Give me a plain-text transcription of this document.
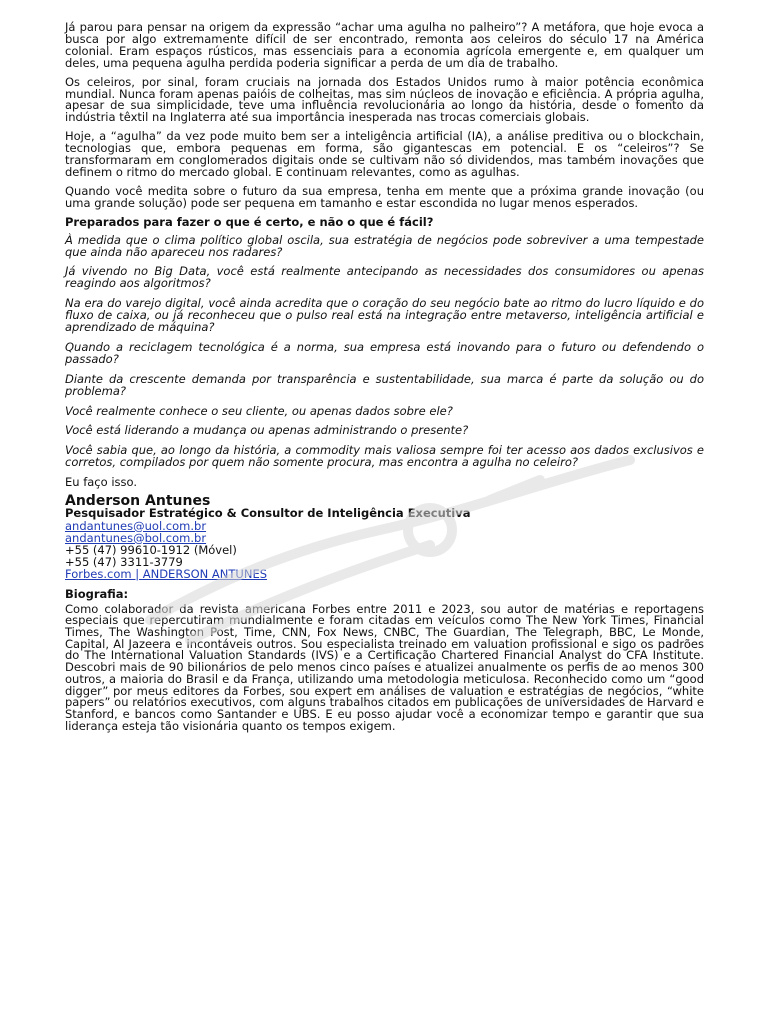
Já parou para pensar na origem da expressão “achar uma agulha no palheiro”? A metáfora, que hoje evoca a busca por algo extremamente difícil de ser encontrado, remonta aos celeiros do século 17 na América colonial. Eram espaços rústicos, mas essenciais para a economia agrícola emergente e, em qualquer um deles, uma pequena agulha perdida poderia significar a perda de um dia de trabalho.

Os celeiros, por sinal, foram cruciais na jornada dos Estados Unidos rumo à maior potência econômica mundial. Nunca foram apenas paióis de colheitas, mas sim núcleos de inovação e eficiência. A própria agulha, apesar de sua simplicidade, teve uma influência revolucionária ao longo da história, desde o fomento da indústria têxtil na Inglaterra até sua importância inesperada nas trocas comerciais globais.

Hoje, a “agulha” da vez pode muito bem ser a inteligência artificial (IA), a análise preditiva ou o blockchain, tecnologias que, embora pequenas em forma, são gigantescas em potencial. E os “celeiros”? Se transformaram em conglomerados digitais onde se cultivam não só dividendos, mas também inovações que definem o ritmo do mercado global. E continuam relevantes, como as agulhas.

Quando você medita sobre o futuro da sua empresa, tenha em mente que a próxima grande inovação (ou uma grande solução) pode ser pequena em tamanho e estar escondida no lugar menos esperados.

Preparados para fazer o que é certo, e não o que é fácil?

À medida que o clima político global oscila, sua estratégia de negócios pode sobreviver a uma tempestade que ainda não apareceu nos radares?

Já vivendo no Big Data, você está realmente antecipando as necessidades dos consumidores ou apenas reagindo aos algoritmos?

Na era do varejo digital, você ainda acredita que o coração do seu negócio bate ao ritmo do lucro líquido e do fluxo de caixa, ou já reconheceu que o pulso real está na integração entre metaverso, inteligência artificial e aprendizado de máquina?

Quando a reciclagem tecnológica é a norma, sua empresa está inovando para o futuro ou defendendo o passado?

Diante da crescente demanda por transparência e sustentabilidade, sua marca é parte da solução ou do problema?

Você realmente conhece o seu cliente, ou apenas dados sobre ele?

Você está liderando a mudança ou apenas administrando o presente?

Você sabia que, ao longo da história, a commodity mais valiosa sempre foi ter acesso aos dados exclusivos e corretos, compilados por quem não somente procura, mas encontra a agulha no celeiro?

Eu faço isso.

Anderson Antunes

Pesquisador Estratégico & Consultor de Inteligência Executiva

andantunes@uol.com.br

andantunes@bol.com.br

+55 (47) 99610-1912 (Móvel)

+55 (47) 3311-3779

Forbes.com | ANDERSON ANTUNES

Biografia:

Como colaborador da revista americana Forbes entre 2011 e 2023, sou autor de matérias e reportagens especiais que repercutiram mundialmente e foram citadas em veículos como The New York Times, Financial Times, The Washington Post, Time, CNN, Fox News, CNBC, The Guardian, The Telegraph, BBC, Le Monde, Capital, Al Jazeera e incontáveis outros. Sou especialista treinado em valuation profissional e sigo os padrões do The International Valuation Standards (IVS) e a Certificação Chartered Financial Analyst do CFA Institute. Descobri mais de 90 bilionários de pelo menos cinco países e atualizei anualmente os perfis de ao menos 300 outros, a maioria do Brasil e da França, utilizando uma metodologia meticulosa. Reconhecido como um “good digger” por meus editores da Forbes, sou expert em análises de valuation e estratégias de negócios, “white papers” ou relatórios executivos, com alguns trabalhos citados em publicações de universidades de Harvard e Stanford, e bancos como Santander e UBS. E eu posso ajudar você a economizar tempo e garantir que sua liderança esteja tão visionária quanto os tempos exigem.
